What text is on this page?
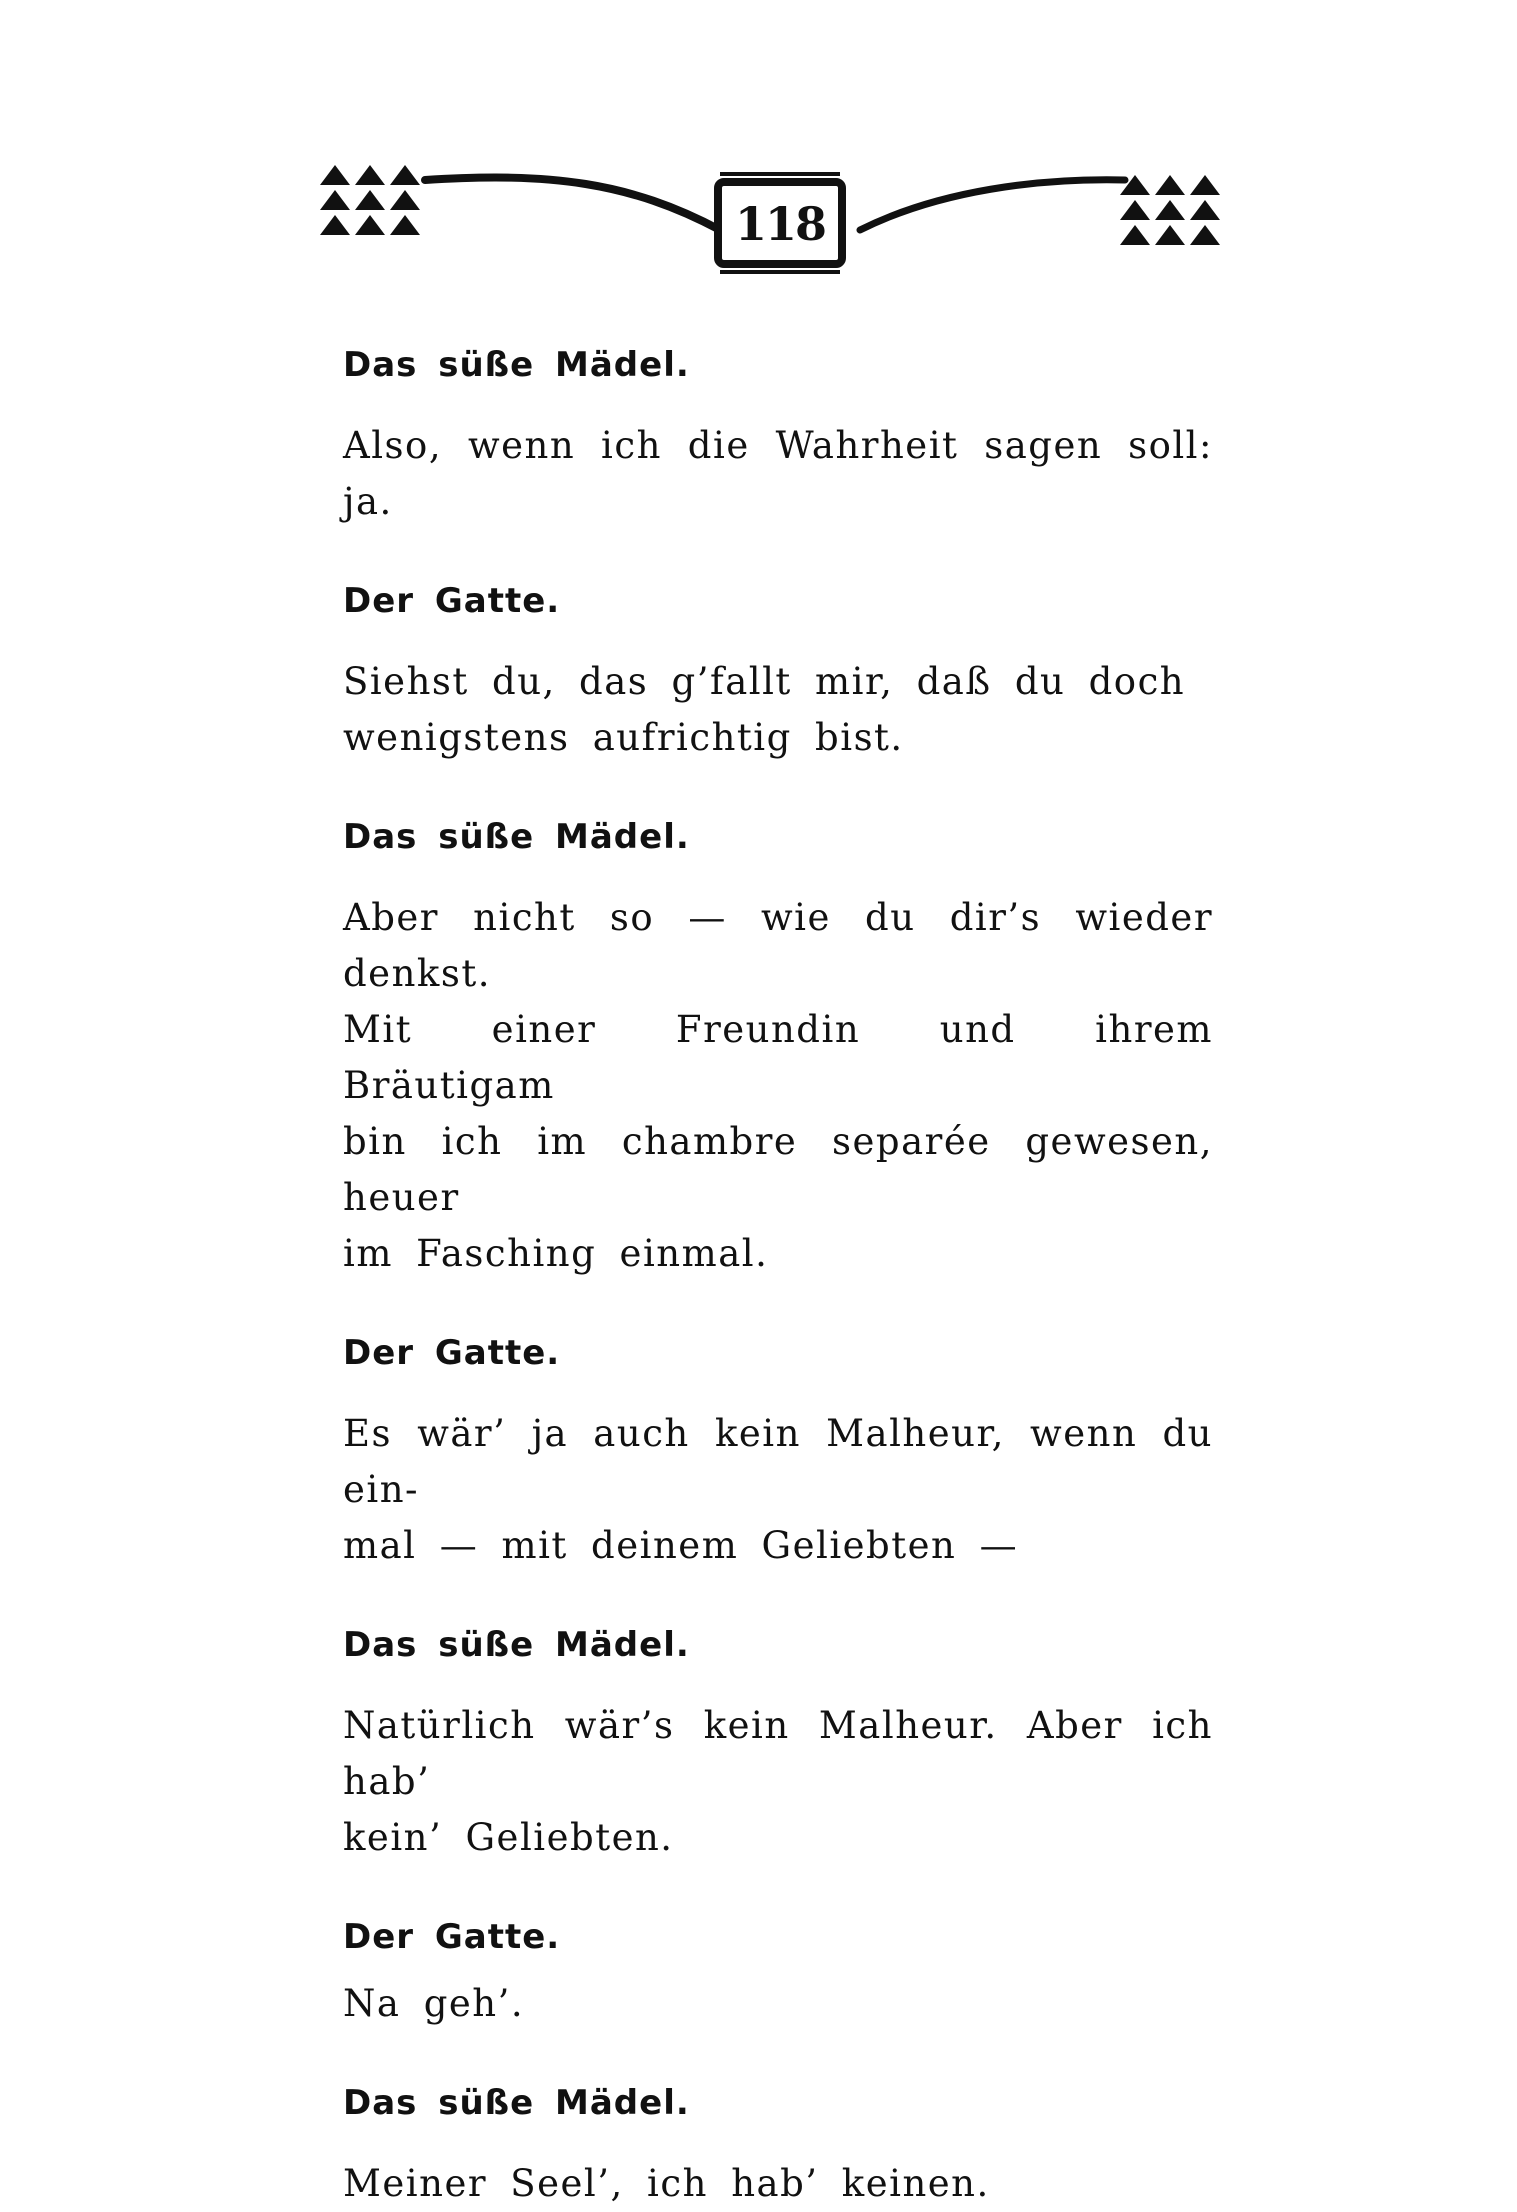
118

Das süße Mädel.

Also, wenn ich die Wahrheit sagen soll: ja.

Der Gatte.

Siehst du, das g’fallt mir, daß du doch

wenigstens aufrichtig bist.

Das süße Mädel.

Aber nicht so — wie du dir’s wieder denkst.

Mit einer Freundin und ihrem Bräutigam

bin ich im chambre separée gewesen, heuer

im Fasching einmal.

Der Gatte.

Es wär’ ja auch kein Malheur, wenn du ein-

mal — mit deinem Geliebten —

Das süße Mädel.

Natürlich wär’s kein Malheur. Aber ich hab’

kein’ Geliebten.

Der Gatte.

Na geh’.

Das süße Mädel.

Meiner Seel’, ich hab’ keinen.
